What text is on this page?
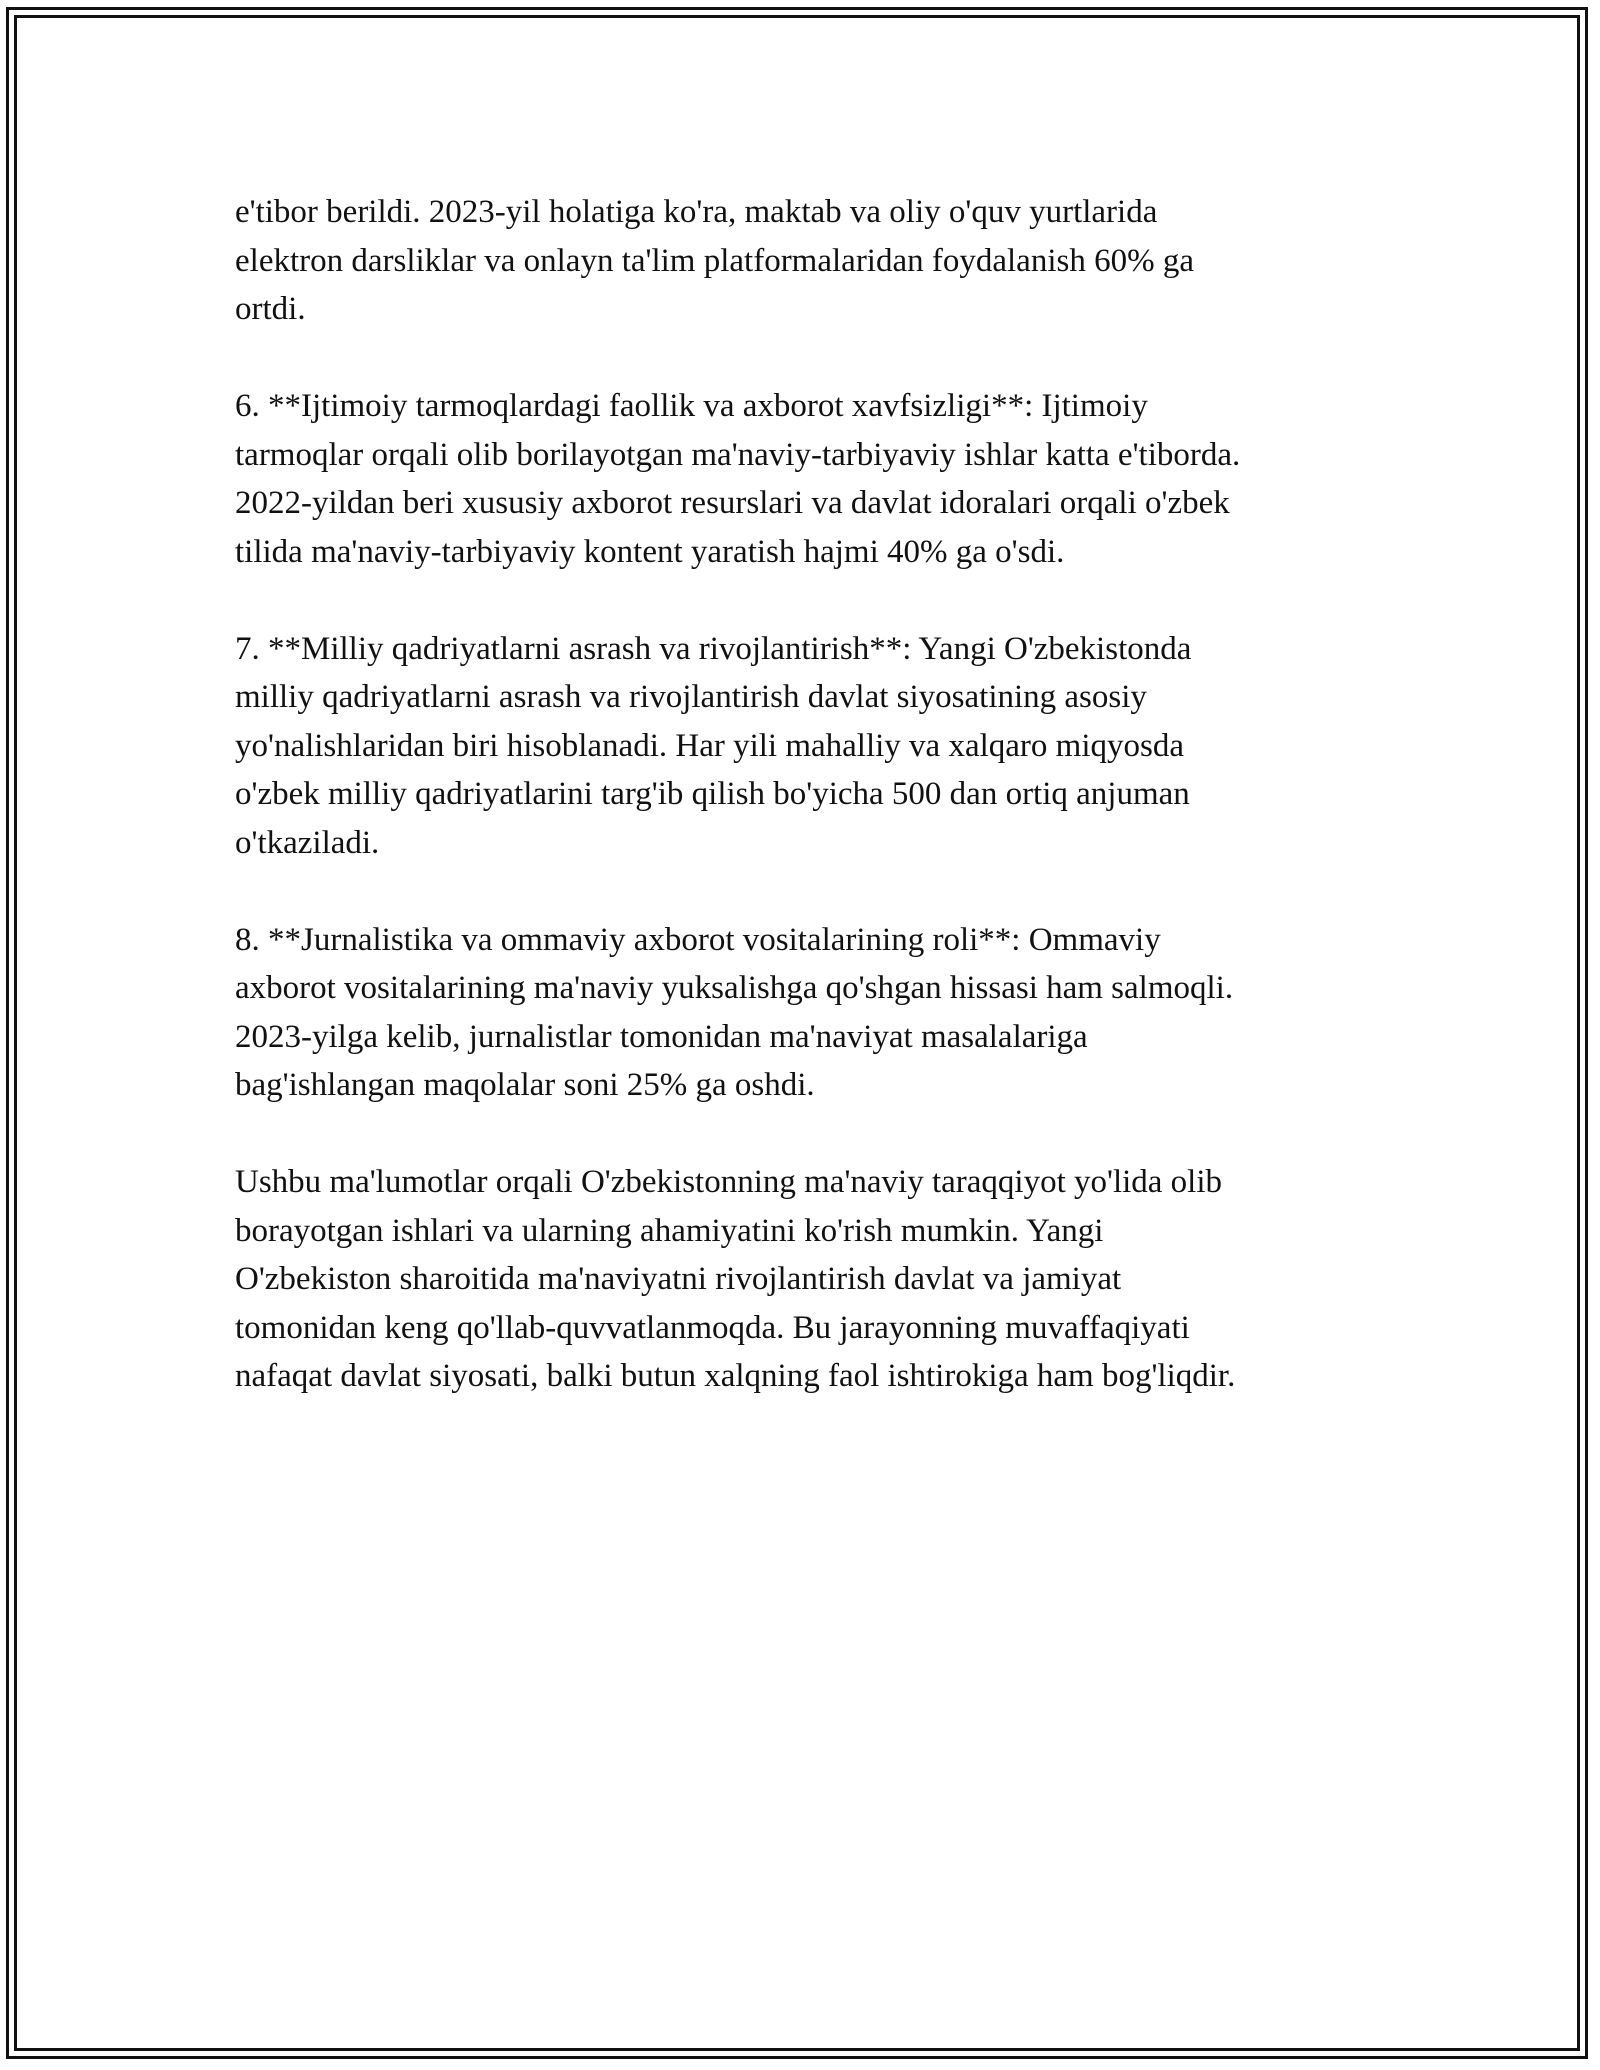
e'tibor berildi. 2023-yil holatiga ko'ra, maktab va oliy o'quv yurtlarida
elektron darsliklar va onlayn ta'lim platformalaridan foydalanish 60% ga
ortdi.

6. **Ijtimoiy tarmoqlardagi faollik va axborot xavfsizligi**: Ijtimoiy
tarmoqlar orqali olib borilayotgan ma'naviy-tarbiyaviy ishlar katta e'tiborda.
2022-yildan beri xususiy axborot resurslari va davlat idoralari orqali o'zbek
tilida ma'naviy-tarbiyaviy kontent yaratish hajmi 40% ga o'sdi.

7. **Milliy qadriyatlarni asrash va rivojlantirish**: Yangi O'zbekistonda
milliy qadriyatlarni asrash va rivojlantirish davlat siyosatining asosiy
yo'nalishlaridan biri hisoblanadi. Har yili mahalliy va xalqaro miqyosda
o'zbek milliy qadriyatlarini targ'ib qilish bo'yicha 500 dan ortiq anjuman
o'tkaziladi.

8. **Jurnalistika va ommaviy axborot vositalarining roli**: Ommaviy
axborot vositalarining ma'naviy yuksalishga qo'shgan hissasi ham salmoqli.
2023-yilga kelib, jurnalistlar tomonidan ma'naviyat masalalariga
bag'ishlangan maqolalar soni 25% ga oshdi.

Ushbu ma'lumotlar orqali O'zbekistonning ma'naviy taraqqiyot yo'lida olib
borayotgan ishlari va ularning ahamiyatini ko'rish mumkin. Yangi
O'zbekiston sharoitida ma'naviyatni rivojlantirish davlat va jamiyat
tomonidan keng qo'llab-quvvatlanmoqda. Bu jarayonning muvaffaqiyati
nafaqat davlat siyosati, balki butun xalqning faol ishtirokiga ham bog'liqdir.
